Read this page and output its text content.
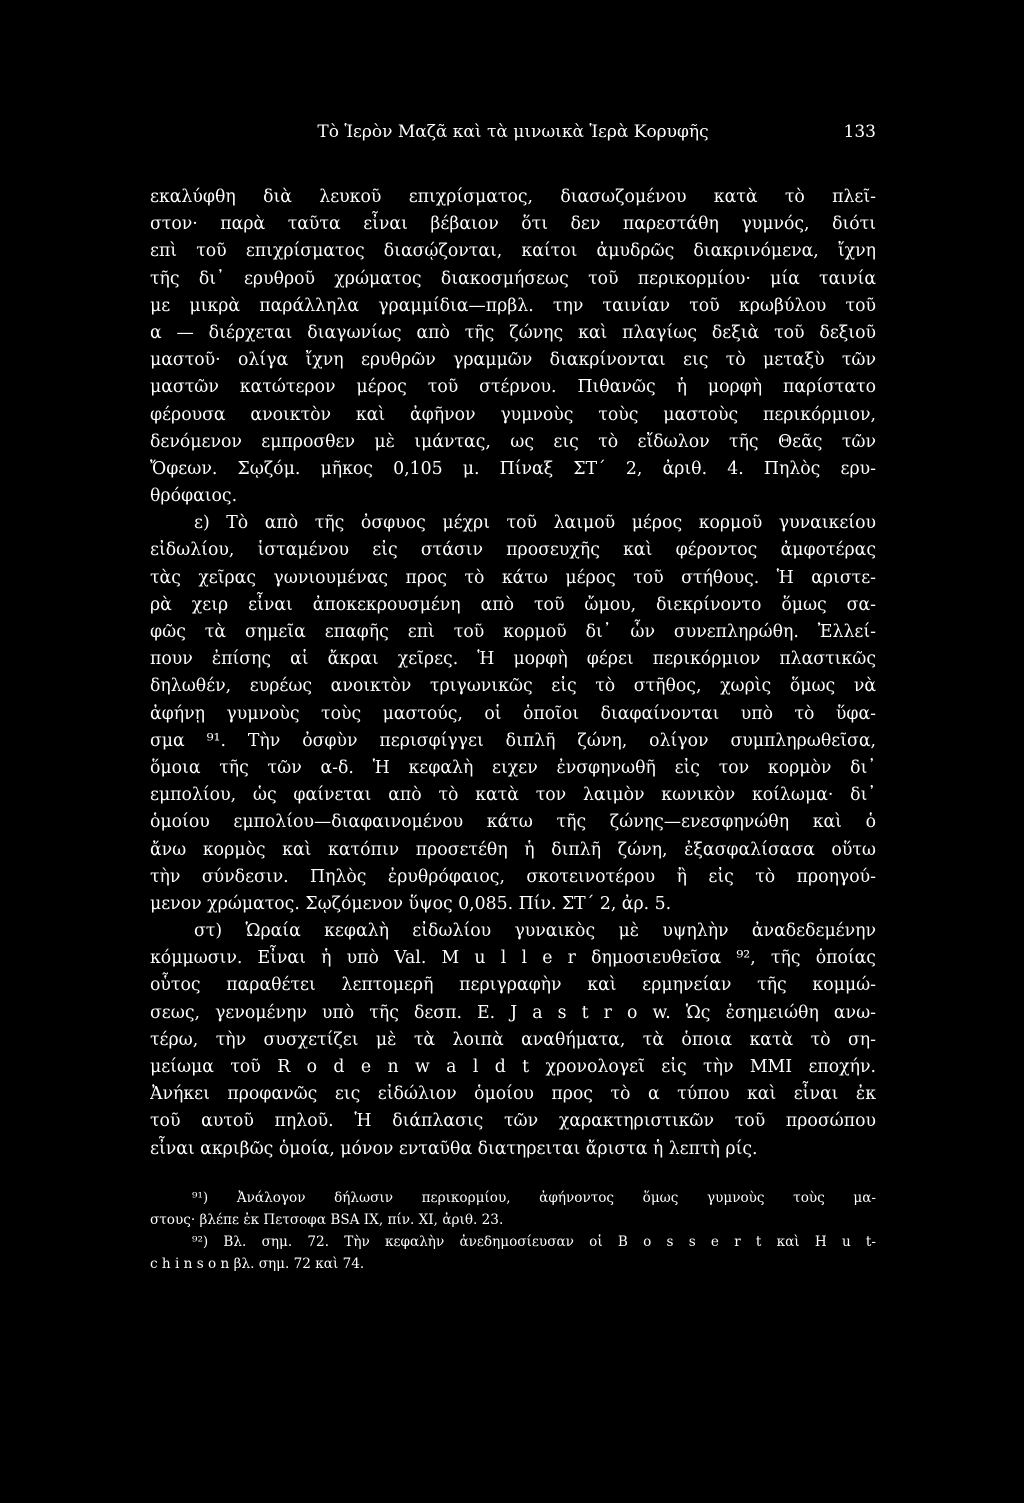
Τὸ Ἱερὸν Μαζᾶ καὶ τὰ μινωικὰ Ἱερὰ Κορυφῆς	133
εκαλύφθη διὰ λευκοῦ επιχρίσματος, διασωζομένου κατὰ τὸ πλεῖ-
στον· παρὰ ταῦτα εἶναι βέβαιον ὅτι δεν παρεστάθη γυμνός, διότι
επὶ τοῦ επιχρίσματος διασῴζονται, καίτοι ἀμυδρῶς διακρινόμενα, ἴχνη
τῆς δι᾽ ερυθροῦ χρώματος διακοσμήσεως τοῦ περικορμίου· μία ταινία
με μικρὰ παράλληλα γραμμίδια—πρβλ. την ταινίαν τοῦ κρωβύλου τοῦ
α — διέρχεται διαγωνίως απὸ τῆς ζώνης καὶ πλαγίως δεξιὰ τοῦ δεξιοῦ
μαστοῦ· ολίγα ἴχνη ερυθρῶν γραμμῶν διακρίνονται εις τὸ μεταξὺ τῶν
μαστῶν κατώτερον μέρος τοῦ στέρνου. Πιθανῶς ἡ μορφὴ παρίστατο
φέρουσα ανοικτὸν καὶ ἀφῆνον γυμνοὺς τοὺς μαστοὺς περικόρμιον,
δενόμενον εμπροσθεν μὲ ιμάντας, ως εις τὸ εἴδωλον τῆς Θεᾶς τῶν
Ὄφεων. Σῳζόμ. μῆκος 0,105 μ. Πίναξ ΣΤ΄ 2, ἀριθ. 4. Πηλὸς ερυ-
θρόφαιος.
ε) Τὸ απὸ τῆς ὀσφυος μέχρι τοῦ λαιμοῦ μέρος κορμοῦ γυναικείου
εἰδωλίου, ἱσταμένου εἰς στάσιν προσευχῆς καὶ φέροντος ἀμφοτέρας
τὰς χεῖρας γωνιουμένας προς τὸ κάτω μέρος τοῦ στήθους. Ἡ αριστε-
ρὰ χειρ εἶναι ἀποκεκρουσμένη απὸ τοῦ ὤμου, διεκρίνοντο ὅμως σα-
φῶς τὰ σημεῖα επαφῆς επὶ τοῦ κορμοῦ δι᾽ ὧν συνεπληρώθη. Ἐλλεί-
πουν ἐπίσης αἱ ἄκραι χεῖρες. Ἡ μορφὴ φέρει περικόρμιον πλαστικῶς
δηλωθέν, ευρέως ανοικτὸν τριγωνικῶς εἰς τὸ στῆθος, χωρὶς ὅμως νὰ
ἀφήνῃ γυμνοὺς τοὺς μαστούς, οἱ ὁποῖοι διαφαίνονται υπὸ τὸ ὕφα-
σμα ⁹¹. Τὴν ὀσφὺν περισφίγγει διπλῆ ζώνη, ολίγον συμπληρωθεῖσα,
ὅμοια τῆς τῶν α-δ. Ἡ κεφαλὴ ειχεν ἐνσφηνωθῆ εἰς τον κορμὸν δι᾽
εμπολίου, ὡς φαίνεται απὸ τὸ κατὰ τον λαιμὸν κωνικὸν κοίλωμα· δι᾽
ὁμοίου εμπολίου—διαφαινομένου κάτω τῆς ζώνης—ενεσφηνώθη καὶ ὁ
ἄνω κορμὸς καὶ κατόπιν προσετέθη ἡ διπλῆ ζώνη, ἐξασφαλίσασα οὕτω
τὴν σύνδεσιν. Πηλὸς ἐρυθρόφαιος, σκοτεινοτέρου ἢ εἰς τὸ προηγού-
μενον χρώματος. Σῳζόμενον ὕψος 0,085. Πίν. ΣΤ΄ 2, ἀρ. 5.
στ) Ὡραία κεφαλὴ εἰδωλίου γυναικὸς μὲ υψηλὴν ἀναδεδεμένην
κόμμωσιν. Εἶναι ἡ υπὸ Val. M u l l e r δημοσιευθεῖσα ⁹², τῆς ὁποίας
οὗτος παραθέτει λεπτομερῆ περιγραφὴν καὶ ερμηνείαν τῆς κομμώ-
σεως, γενομένην υπὸ τῆς δεσπ. E. J a s t r o w. Ὡς ἐσημειώθη ανω-
τέρω, τὴν συσχετίζει μὲ τὰ λοιπὰ αναθήματα, τὰ ὁποια κατὰ τὸ ση-
μείωμα τοῦ R o d e n w a l d t χρονολογεῖ εἰς τὴν MMI εποχήν.
Ἀνήκει προφανῶς εις εἰδώλιον ὁμοίου προς τὸ α τύπου καὶ εἶναι ἐκ
τοῦ αυτοῦ πηλοῦ. Ἡ διάπλασις τῶν χαρακτηριστικῶν τοῦ προσώπου
εἶναι ακριβῶς ὁμοία, μόνον ενταῦθα διατηρειται ἄριστα ἡ λεπτὴ ρίς.
⁹¹) Ἀνάλογον δήλωσιν περικορμίου, ἀφήνοντος ὅμως γυμνοὺς τοὺς μα-
στους· βλέπε ἐκ Πετσοφα BSA IX, πίν. XI, ἀριθ. 23.
⁹²) Βλ. σημ. 72. Τὴν κεφαλὴν ἀνεδημοσίευσαν οἱ B o s s e r t καὶ H u t-
c h i n s o n βλ. σημ. 72 καὶ 74.
